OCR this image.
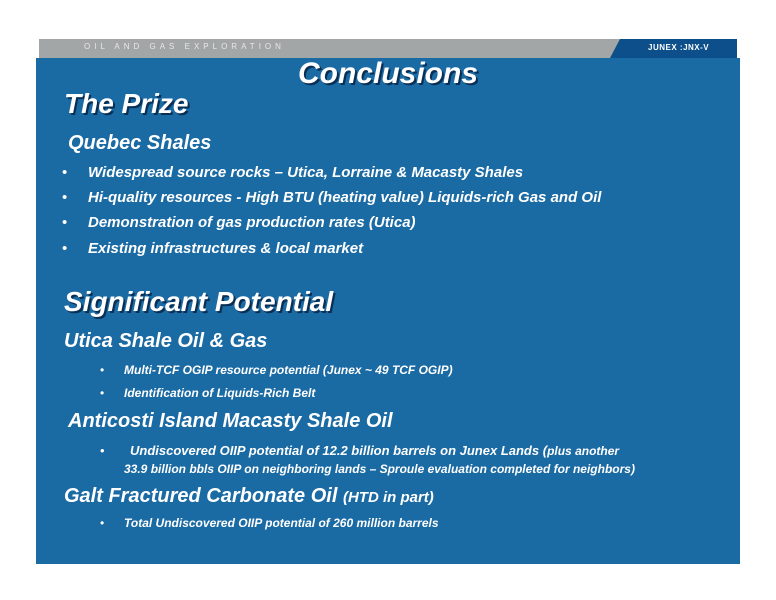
OIL AND GAS EXPLORATION	JUNEX :JNX-V
Conclusions
The Prize
Quebec Shales
• Widespread source rocks – Utica, Lorraine & Macasty Shales
• Hi-quality resources - High BTU (heating value) Liquids-rich Gas and Oil
• Demonstration of gas production rates (Utica)
• Existing infrastructures & local market
Significant Potential
Utica Shale Oil & Gas
• Multi-TCF OGIP resource potential (Junex ~ 49 TCF OGIP)
• Identification of Liquids-Rich Belt
Anticosti Island Macasty Shale Oil
• Undiscovered OIIP potential of 12.2 billion barrels on Junex Lands (plus another
33.9 billion bbls OIIP on neighboring lands – Sproule evaluation completed for neighbors)
Galt Fractured Carbonate Oil (HTD in part)
• Total Undiscovered OIIP potential of 260 million barrels
